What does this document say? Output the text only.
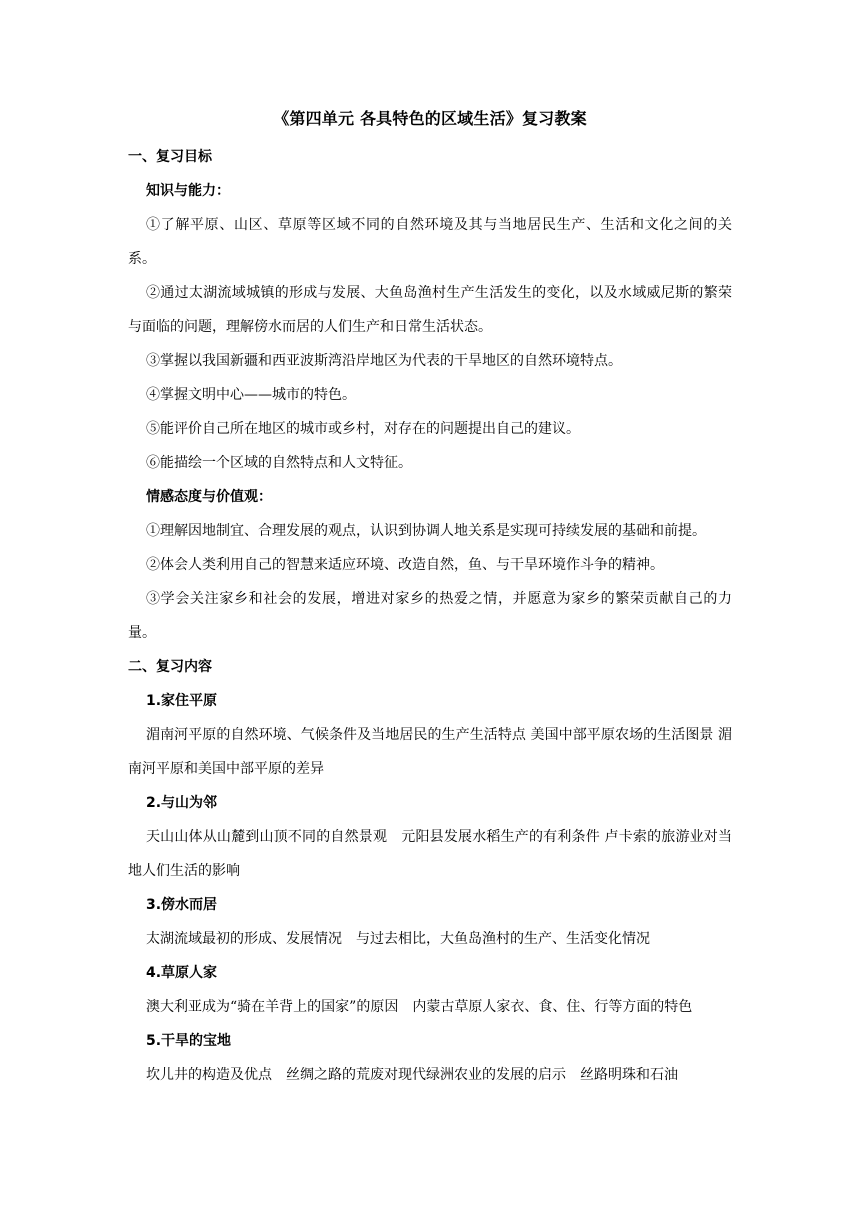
《第四单元 各具特色的区域生活》复习教案
一、复习目标
知识与能力：

①了解平原、山区、草原等区域不同的自然环境及其与当地居民生产、生活和文化之间的关系。

②通过太湖流域城镇的形成与发展、大鱼岛渔村生产生活发生的变化，以及水域威尼斯的繁荣与面临的问题，理解傍水而居的人们生产和日常生活状态。

③掌握以我国新疆和西亚波斯湾沿岸地区为代表的干旱地区的自然环境特点。

④掌握文明中心——城市的特色。

⑤能评价自己所在地区的城市或乡村，对存在的问题提出自己的建议。

⑥能描绘一个区域的自然特点和人文特征。

情感态度与价值观：

①理解因地制宜、合理发展的观点，认识到协调人地关系是实现可持续发展的基础和前提。

②体会人类利用自己的智慧来适应环境、改造自然，鱼、与干旱环境作斗争的精神。

③学会关注家乡和社会的发展，增进对家乡的热爱之情，并愿意为家乡的繁荣贡献自己的力量。

二、复习内容
1.家住平原

湄南河平原的自然环境、气候条件及当地居民的生产生活特点 美国中部平原农场的生活图景 湄南河平原和美国中部平原的差异

2.与山为邻

天山山体从山麓到山顶不同的自然景观　元阳县发展水稻生产的有利条件 卢卡索的旅游业对当地人们生活的影响

3.傍水而居

太湖流域最初的形成、发展情况　与过去相比，大鱼岛渔村的生产、生活变化情况

4.草原人家

澳大利亚成为“骑在羊背上的国家”的原因　内蒙古草原人家衣、食、住、行等方面的特色

5.干旱的宝地

坎儿井的构造及优点　丝绸之路的荒废对现代绿洲农业的发展的启示　丝路明珠和石油
